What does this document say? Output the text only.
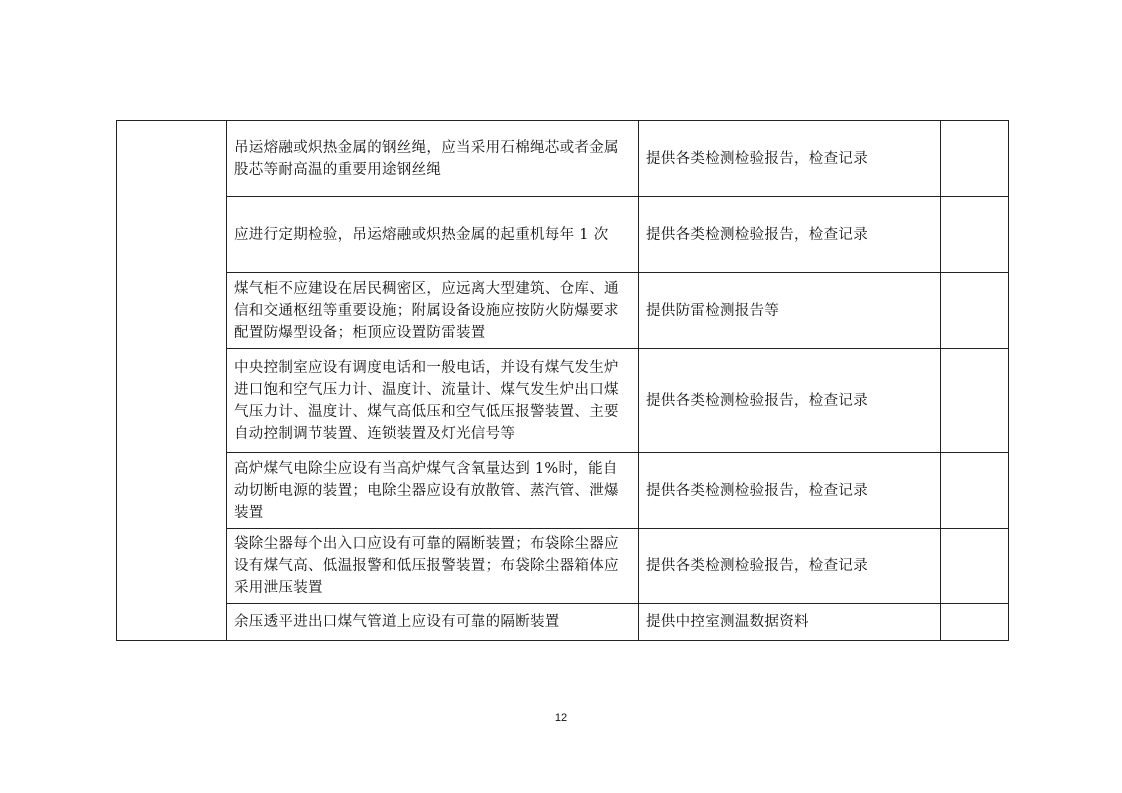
	吊运熔融或炽热金属的钢丝绳，应当采用石棉绳芯或者金属股芯等耐高温的重要用途钢丝绳	提供各类检测检验报告，检查记录	
	应进行定期检验，吊运熔融或炽热金属的起重机每年 1 次	提供各类检测检验报告，检查记录	
	煤气柜不应建设在居民稠密区，应远离大型建筑、仓库、通信和交通枢纽等重要设施；附属设备设施应按防火防爆要求配置防爆型设备；柜顶应设置防雷装置	提供防雷检测报告等	
	中央控制室应设有调度电话和一般电话，并设有煤气发生炉进口饱和空气压力计、温度计、流量计、煤气发生炉出口煤气压力计、温度计、煤气高低压和空气低压报警装置、主要自动控制调节装置、连锁装置及灯光信号等	提供各类检测检验报告，检查记录	
	高炉煤气电除尘应设有当高炉煤气含氧量达到 1%时，能自动切断电源的装置；电除尘器应设有放散管、蒸汽管、泄爆装置	提供各类检测检验报告，检查记录	
	袋除尘器每个出入口应设有可靠的隔断装置；布袋除尘器应设有煤气高、低温报警和低压报警装置；布袋除尘器箱体应采用泄压装置	提供各类检测检验报告，检查记录	
	余压透平进出口煤气管道上应设有可靠的隔断装置	提供中控室测温数据资料	
12
